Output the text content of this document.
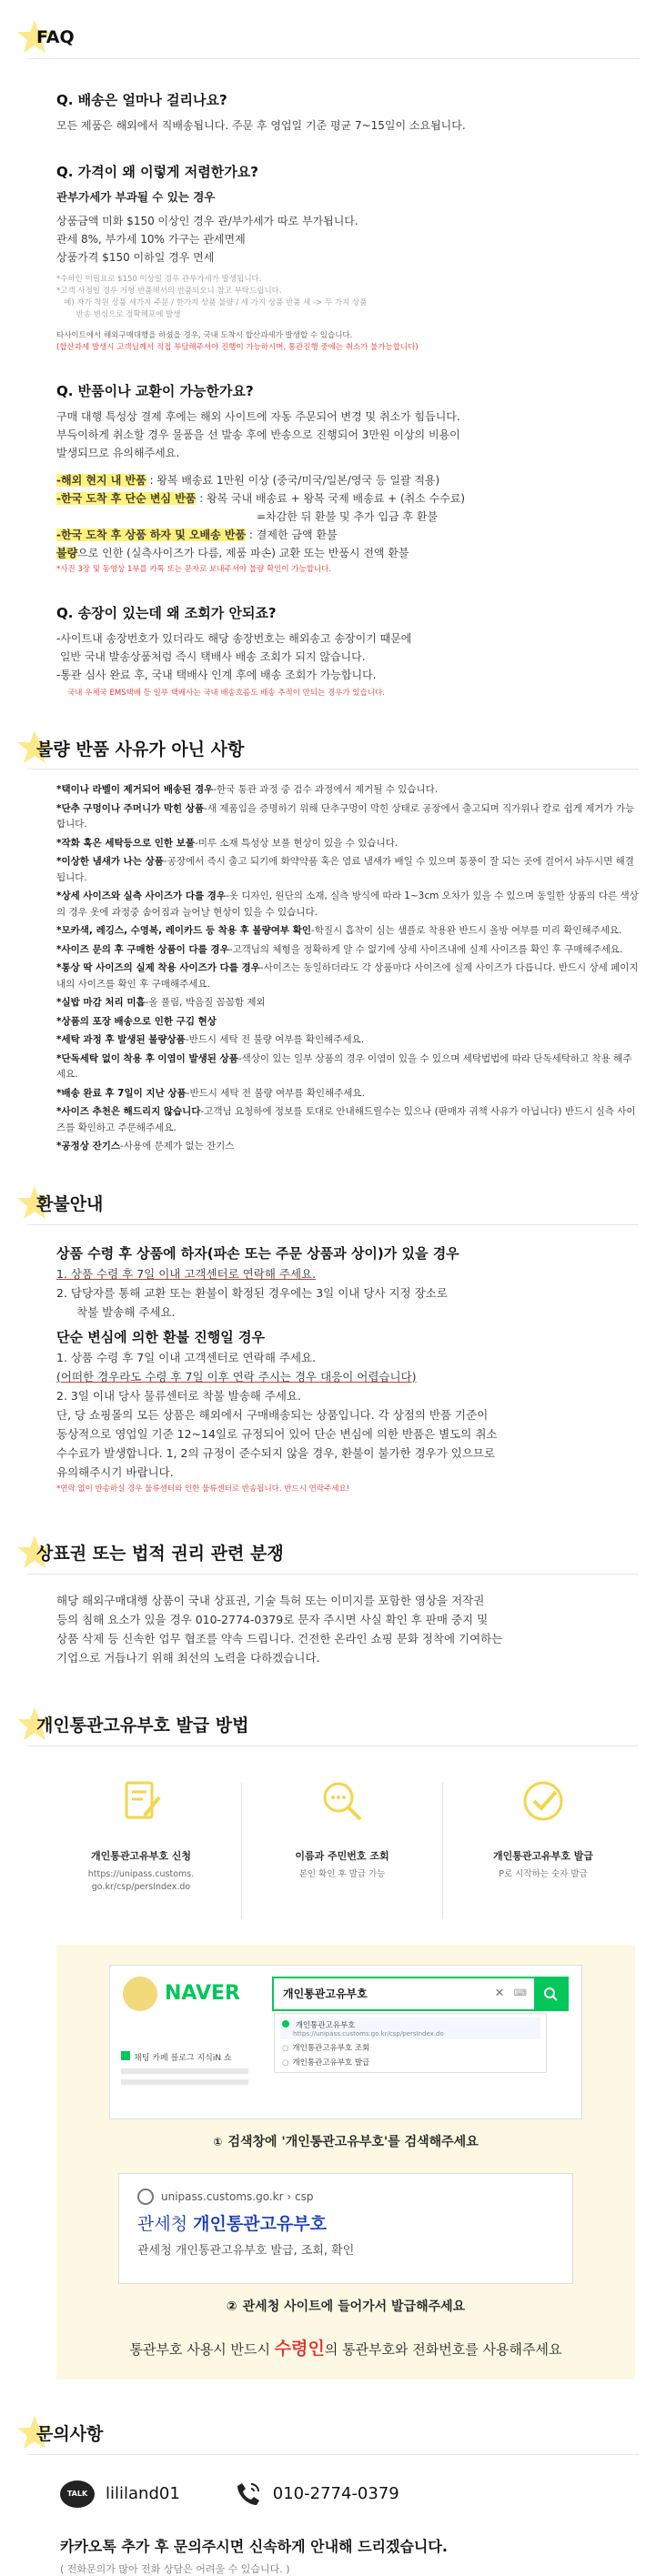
FAQ
Q. 배송은 얼마나 걸리나요?
모든 제품은 해외에서 직배송됩니다. 주문 후 영업일 기준 평균 7~15일이 소요됩니다.
Q. 가격이 왜 이렇게 저렴한가요?
관부가세가 부과될 수 있는 경우
상품금액 미화 $150 이상인 경우 관/부가세가 따로 부가됩니다.
관세 8%, 부가세 10% 가구는 관세면제
상품가격 $150 이하일 경우 면세
*수하인 미필요로 $150 이상일 경우 관부가세가 발생됩니다.
*고객 사정일 경우 거형 반품해서의 반품되오니 참고 부탁드립니다.
예) 자가 착원 상품 세가지 주문 / 한가지 상품 불량 / 세 가지 상품 반품 세 -> 두 가지 상품
반송 변심으로 정확해포에 발생
타사이트에서 해외구매대행을 하셨을 경우, 국내 도착시 합산과세가 발생할 수 있습니다.
(합산과세 발생시 고객님께서 직접 부담해주셔야 진행이 가능하시며, 통관진행 중에는 취소가 불가능합니다)
Q. 반품이나 교환이 가능한가요?
구매 대행 특성상 결제 후에는 해외 사이트에 자동 주문되어 변경 및 취소가 힘듭니다.
부득이하게 취소할 경우 물품을 선 발송 후에 반송으로 진행되어 3만원 이상의 비용이
발생되므로 유의해주세요.
-해외 현지 내 반품 : 왕복 배송료 1만원 이상 (중국/미국/일본/영국 등 일괄 적용)
-한국 도착 후 단순 변심 반품 : 왕복 국내 배송료 + 왕복 국제 배송료 + (취소 수수료)
=차감한 뒤 환불 및 추가 입금 후 환불
-한국 도착 후 상품 하자 및 오배송 반품 : 결제한 금액 환불
불량으로 인한 (실측사이즈가 다름, 제품 파손) 교환 또는 반품시 전액 환불
*사진 3장 및 동영상 1부를 카톡 또는 문자로 보내주셔야 불량 확인이 가능합니다.
Q. 송장이 있는데 왜 조회가 안되죠?
-사이트내 송장번호가 있더라도 해당 송장번호는 해외송고 송장이기 때문에
일반 국내 발송상품처럼 즉시 택배사 배송 조회가 되지 않습니다.
-통관 심사 완료 후, 국내 택배사 인계 후에 배송 조회가 가능합니다.
국내 우체국 EMS택배 등 일부 택배사는 국내 배송흐름도 배송 추적이 안되는 경우가 있습니다.
불량 반품 사유가 아닌 사항
*택이나 라벨이 제거되어 배송된 경우-한국 통관 과정 중 검수 과정에서 제거될 수 있습니다.
*단추 구멍이나 주머니가 막힌 상품-새 제품임을 증명하기 위해 단추구멍이 막힌 상태로 공장에서 출고되며 직가위나 칼로 쉽게 제거가 가능합니다.
*작화 혹은 세탁등으로 인한 보풀-미루 소재 특성상 보풀 현상이 있을 수 있습니다.
*이상한 냄새가 나는 상품-공장에서 즉시 출고 되기에 화약약품 혹은 염료 냄새가 배일 수 있으며 통풍이 잘 되는 곳에 걸어서 놔두시면 해결됩니다.
*상세 사이즈와 실측 사이즈가 다를 경우-옷 디자인, 원단의 소재, 실측 방식에 따라 1~3cm 오차가 있을 수 있으며 동일한 상품의 다른 색상의 경우 옷에 과정중 솜어짐과 늘어날 현상이 있을 수 있습니다.
*모카색, 레깅스, 수영복, 레이카드 등 착용 후 불량여부 확인-학질시 흡착이 심는 샘플로 착용완 반드시 올방 여부를 미리 확인해주세요.
*사이즈 문의 후 구매한 상품이 다를 경우-고객님의 체형을 정확하게 알 수 없기에 상세 사이즈내에 실제 사이즈를 확인 후 구매해주세요.
*통상 딱 사이즈의 실제 착용 사이즈가 다를 경우-사이즈는 동일하더라도 각 상품마다 사이즈에 실제 사이즈가 다릅니다. 반드시 상세 페이지내의 사이즈를 확인 후 구매해주세요.
*실밥 마감 처리 미흡-올 풀림, 박음질 꼼꼼함 제외
*상품의 포장 배송으로 인한 구김 현상
*세탁 과정 후 발생된 불량상품-반드시 세탁 전 불량 여부를 확인해주세요.
*단독세탁 없이 착용 후 이염이 발생된 상품-색상이 있는 일부 상품의 경우 이염이 있을 수 있으며 세탁법법에 따라 단독세탁하고 착용 해주세요.
*배송 완료 후 7일이 지난 상품-반드시 세탁 전 불량 여부를 확인해주세요.
*사이즈 추천은 해드리지 않습니다-고객님 요청하에 정보를 토대로 안내해드릴수는 있으나 (판매자 귀책 사유가 아닙니다) 반드시 실측 사이즈를 확인하고 주문해주세요.
*공정상 잔기스-사용에 문제가 없는 잔기스
환불안내
상품 수령 후 상품에 하자(파손 또는 주문 상품과 상이)가 있을 경우
1. 상품 수령 후 7일 이내 고객센터로 연락해 주세요.
2. 담당자를 통해 교환 또는 환불이 확정된 경우에는 3일 이내 당사 지정 장소로
착불 발송해 주세요.
단순 변심에 의한 환불 진행일 경우
1. 상품 수령 후 7일 이내 고객센터로 연락해 주세요.
(어떠한 경우라도 수령 후 7일 이후 연락 주시는 경우 대응이 어렵습니다)
2. 3일 이내 당사 물류센터로 착불 발송해 주세요.
단, 당 쇼핑몰의 모든 상품은 해외에서 구매배송되는 상품입니다. 각 상점의 반품 기준이
동상적으로 영업일 기준 12~14일로 규정되어 있어 단순 변심에 의한 반품은 별도의 취소
수수료가 발생합니다. 1, 2의 규정이 준수되지 않을 경우, 환불이 불가한 경우가 있으므로
유의해주시기 바랍니다.
*연락 없이 반송하실 경우 물류센터와 인한 물류센터로 반송됩니다. 반드시 연락주세요!
상표권 또는 법적 권리 관련 분쟁
해당 해외구매대행 상품이 국내 상표권, 기술 특허 또는 이미지를 포함한 영상을 저작권
등의 침해 요소가 있을 경우 010-2774-0379로 문자 주시면 사실 확인 후 판매 중지 및
상품 삭제 등 신속한 업무 협조를 약속 드립니다. 건전한 온라인 쇼핑 문화 정착에 기여하는
기업으로 거듭나기 위해 최선의 노력을 다하겠습니다.
개인통관고유부호 발급 방법
개인통관고유부호 신청
https://unipass.customs.
go.kr/csp/persIndex.do
이름과 주민번호 조회
본인 확인 후 발급 가능
개인통관고유부호 발급
P로 시작하는 숫자 발급
NAVER	개인통관고유부호	✕ ⌨
개인통관고유부호
https://unipass.customs.go.kr/csp/persIndex.do
○ 개인통관고유부호 조회
○ 개인통관고유부호 발급
채팅 카페 블로그 지식iN 쇼
① 검색창에 '개인통관고유부호'를 검색해주세요
unipass.customs.go.kr › csp
관세청 개인통관고유부호
관세청 개인통관고유부호 발급, 조회, 확인
② 관세청 사이트에 들어가서 발급해주세요
통관부호 사용시 반드시 수령인의 통관부호와 전화번호를 사용해주세요
문의사항
TALK	lililand01	010-2774-0379
카카오톡 추가 후 문의주시면 신속하게 안내해 드리겠습니다.
( 전화문의가 많아 전화 상담은 어려울 수 있습니다. )
